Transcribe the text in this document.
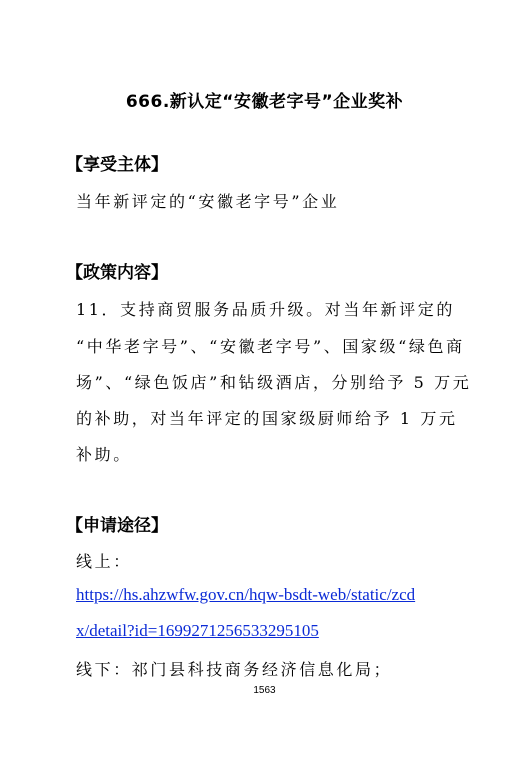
666.新认定“安徽老字号”企业奖补
【享受主体】
当年新评定的“安徽老字号”企业
【政策内容】
11．支持商贸服务品质升级。对当年新评定的
“中华老字号”、“安徽老字号”、国家级“绿色商
场”、“绿色饭店”和钻级酒店，分别给予 5 万元
的补助，对当年评定的国家级厨师给予 1 万元
补助。
【申请途径】
线上：
https://hs.ahzwfw.gov.cn/hqw-bsdt-web/static/zcd
x/detail?id=1699271256533295105
线下：祁门县科技商务经济信息化局；
1563
